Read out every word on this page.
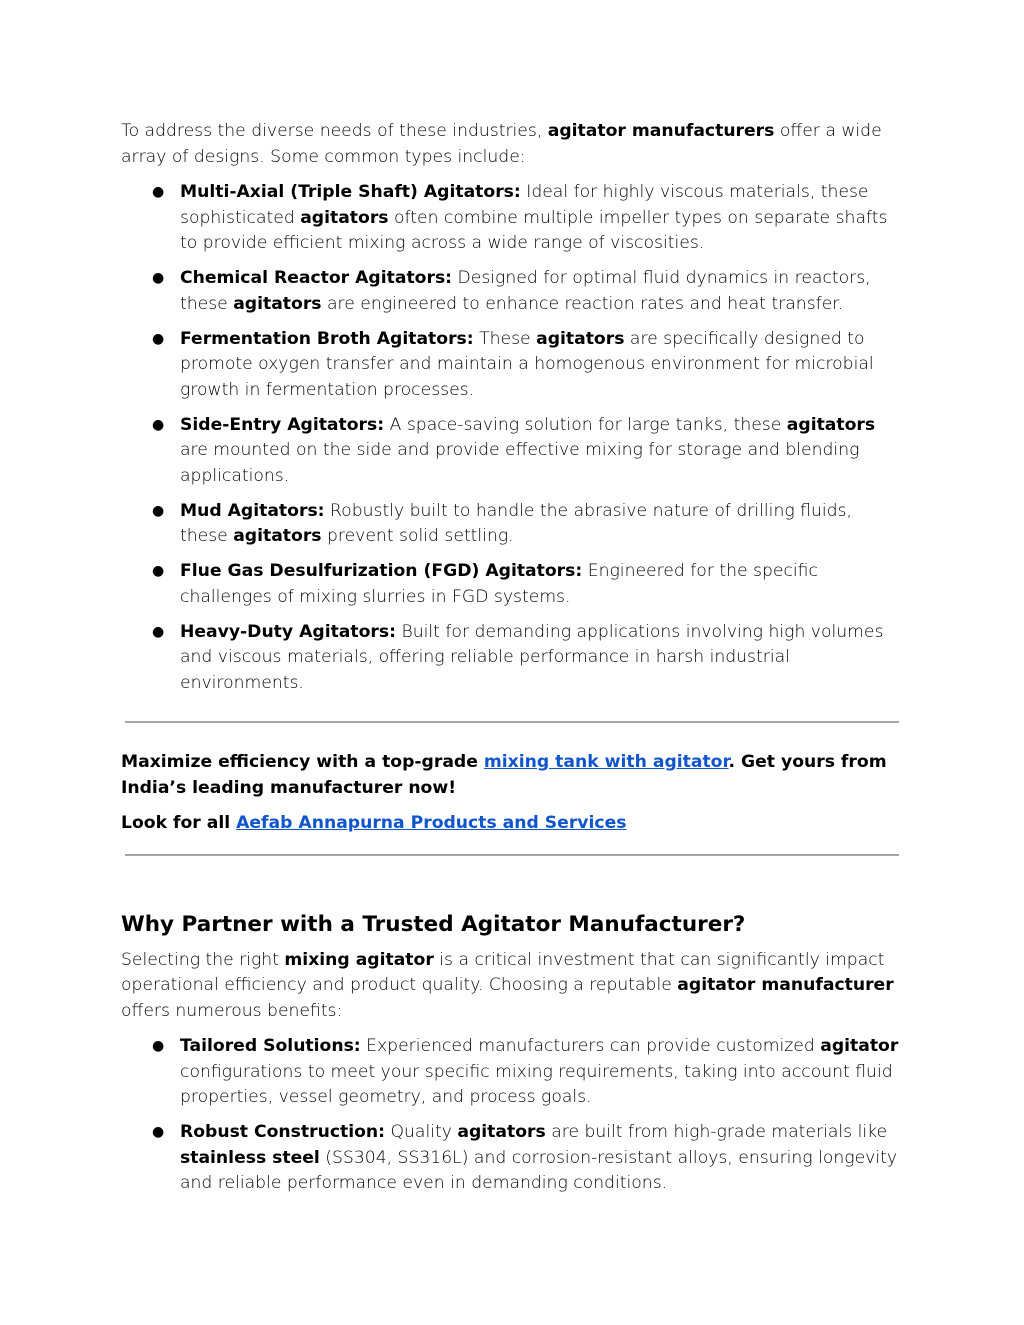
To address the diverse needs of these industries, agitator manufacturers offer a wide array of designs. Some common types include:

● Multi-Axial (Triple Shaft) Agitators: Ideal for highly viscous materials, these sophisticated agitators often combine multiple impeller types on separate shafts to provide efficient mixing across a wide range of viscosities.
● Chemical Reactor Agitators: Designed for optimal fluid dynamics in reactors, these agitators are engineered to enhance reaction rates and heat transfer.
● Fermentation Broth Agitators: These agitators are specifically designed to promote oxygen transfer and maintain a homogenous environment for microbial growth in fermentation processes.
● Side-Entry Agitators: A space-saving solution for large tanks, these agitators are mounted on the side and provide effective mixing for storage and blending applications.
● Mud Agitators: Robustly built to handle the abrasive nature of drilling fluids, these agitators prevent solid settling.
● Flue Gas Desulfurization (FGD) Agitators: Engineered for the specific challenges of mixing slurries in FGD systems.
● Heavy-Duty Agitators: Built for demanding applications involving high volumes and viscous materials, offering reliable performance in harsh industrial environments.

Maximize efficiency with a top-grade mixing tank with agitator. Get yours from India’s leading manufacturer now!

Look for all Aefab Annapurna Products and Services

Why Partner with a Trusted Agitator Manufacturer?

Selecting the right mixing agitator is a critical investment that can significantly impact operational efficiency and product quality. Choosing a reputable agitator manufacturer offers numerous benefits:

● Tailored Solutions: Experienced manufacturers can provide customized agitator configurations to meet your specific mixing requirements, taking into account fluid properties, vessel geometry, and process goals.
● Robust Construction: Quality agitators are built from high-grade materials like stainless steel (SS304, SS316L) and corrosion-resistant alloys, ensuring longevity and reliable performance even in demanding conditions.
